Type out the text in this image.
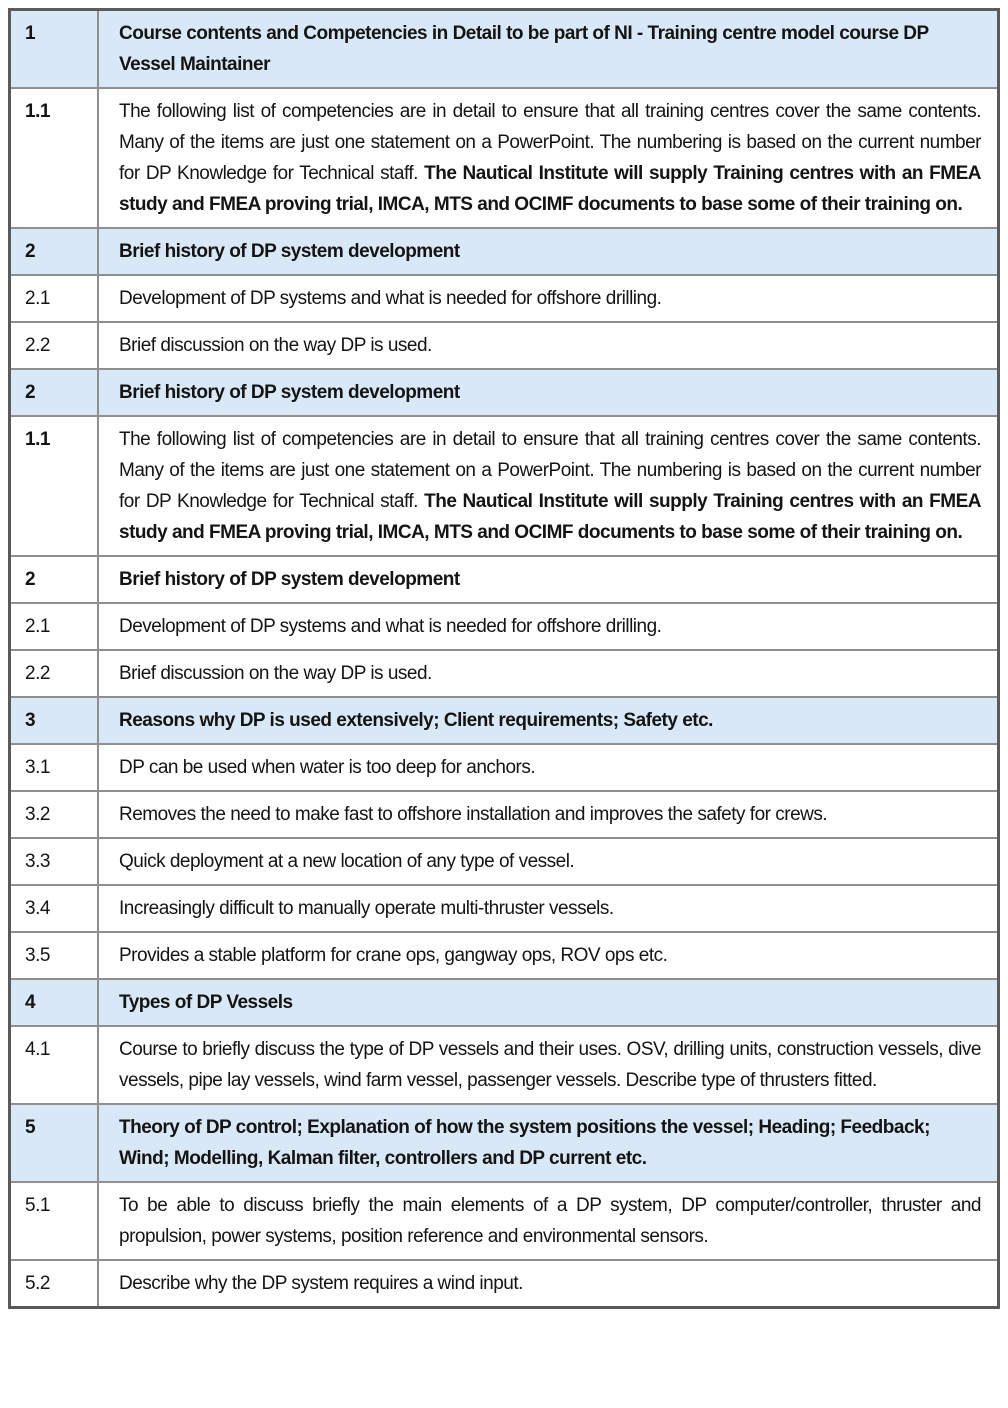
1	Course contents and Competencies in Detail to be part of NI - Training centre model course DP Vessel Maintainer
1.1	The following list of competencies are in detail to ensure that all training centres cover the same contents. Many of the items are just one statement on a PowerPoint. The numbering is based on the current number for DP Knowledge for Technical staff. The Nautical Institute will supply Training centres with an FMEA study and FMEA proving trial, IMCA, MTS and OCIMF documents to base some of their training on.
2	Brief history of DP system development
2.1	Development of DP systems and what is needed for offshore drilling.
2.2	Brief discussion on the way DP is used.
2	Brief history of DP system development
1.1	The following list of competencies are in detail to ensure that all training centres cover the same contents. Many of the items are just one statement on a PowerPoint. The numbering is based on the current number for DP Knowledge for Technical staff. The Nautical Institute will supply Training centres with an FMEA study and FMEA proving trial, IMCA, MTS and OCIMF documents to base some of their training on.
2	Brief history of DP system development
2.1	Development of DP systems and what is needed for offshore drilling.
2.2	Brief discussion on the way DP is used.
3	Reasons why DP is used extensively; Client requirements; Safety etc.
3.1	DP can be used when water is too deep for anchors.
3.2	Removes the need to make fast to offshore installation and improves the safety for crews.
3.3	Quick deployment at a new location of any type of vessel.
3.4	Increasingly difficult to manually operate multi-thruster vessels.
3.5	Provides a stable platform for crane ops, gangway ops, ROV ops etc.
4	Types of DP Vessels
4.1	Course to briefly discuss the type of DP vessels and their uses. OSV, drilling units, construction vessels, dive vessels, pipe lay vessels, wind farm vessel, passenger vessels. Describe type of thrusters fitted.
5	Theory of DP control; Explanation of how the system positions the vessel; Heading; Feedback; Wind; Modelling, Kalman filter, controllers and DP current etc.
5.1	To be able to discuss briefly the main elements of a DP system, DP computer/controller, thruster and propulsion, power systems, position reference and environmental sensors.
5.2	Describe why the DP system requires a wind input.
